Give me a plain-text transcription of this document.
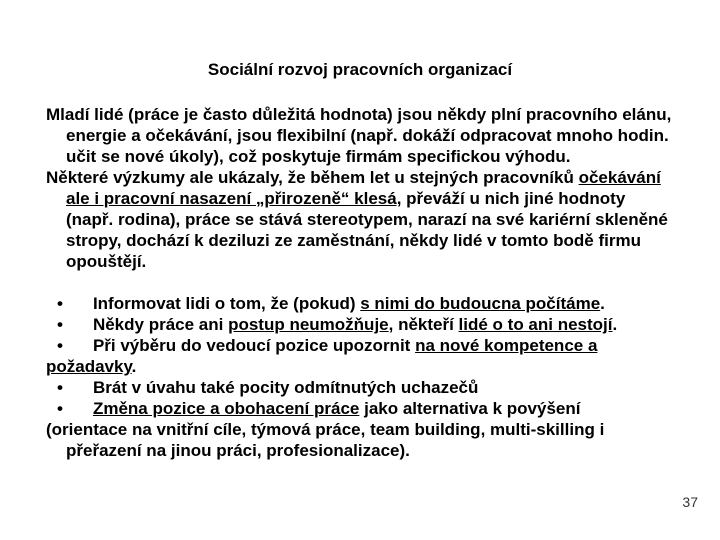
Sociální rozvoj pracovních organizací

Mladí lidé (práce je často důležitá hodnota) jsou někdy plní pracovního elánu, energie a očekávání, jsou flexibilní (např. dokáží odpracovat mnoho hodin. učit se nové úkoly), což poskytuje firmám specifickou výhodu.

Některé výzkumy ale ukázaly, že během let u stejných pracovníků očekávání ale i pracovní nasazení „přirozeně“ klesá, převáží u nich jiné hodnoty (např. rodina), práce se stává stereotypem, narazí na své kariérní skleněné stropy, dochází k deziluzi ze zaměstnání, někdy lidé v tomto bodě firmu opouštějí.

• Informovat lidi o tom, že (pokud) s nimi do budoucna počítáme.

• Někdy práce ani postup neumožňuje, někteří lidé o to ani nestojí.

• Při výběru do vedoucí pozice upozornit na nové kompetence a požadavky.

• Brát v úvahu také pocity odmítnutých uchazečů

• Změna pozice a obohacení práce jako alternativa k povýšení

(orientace na vnitřní cíle, týmová práce, team building, multi-skilling i přeřazení na jinou práci, profesionalizace).

37
